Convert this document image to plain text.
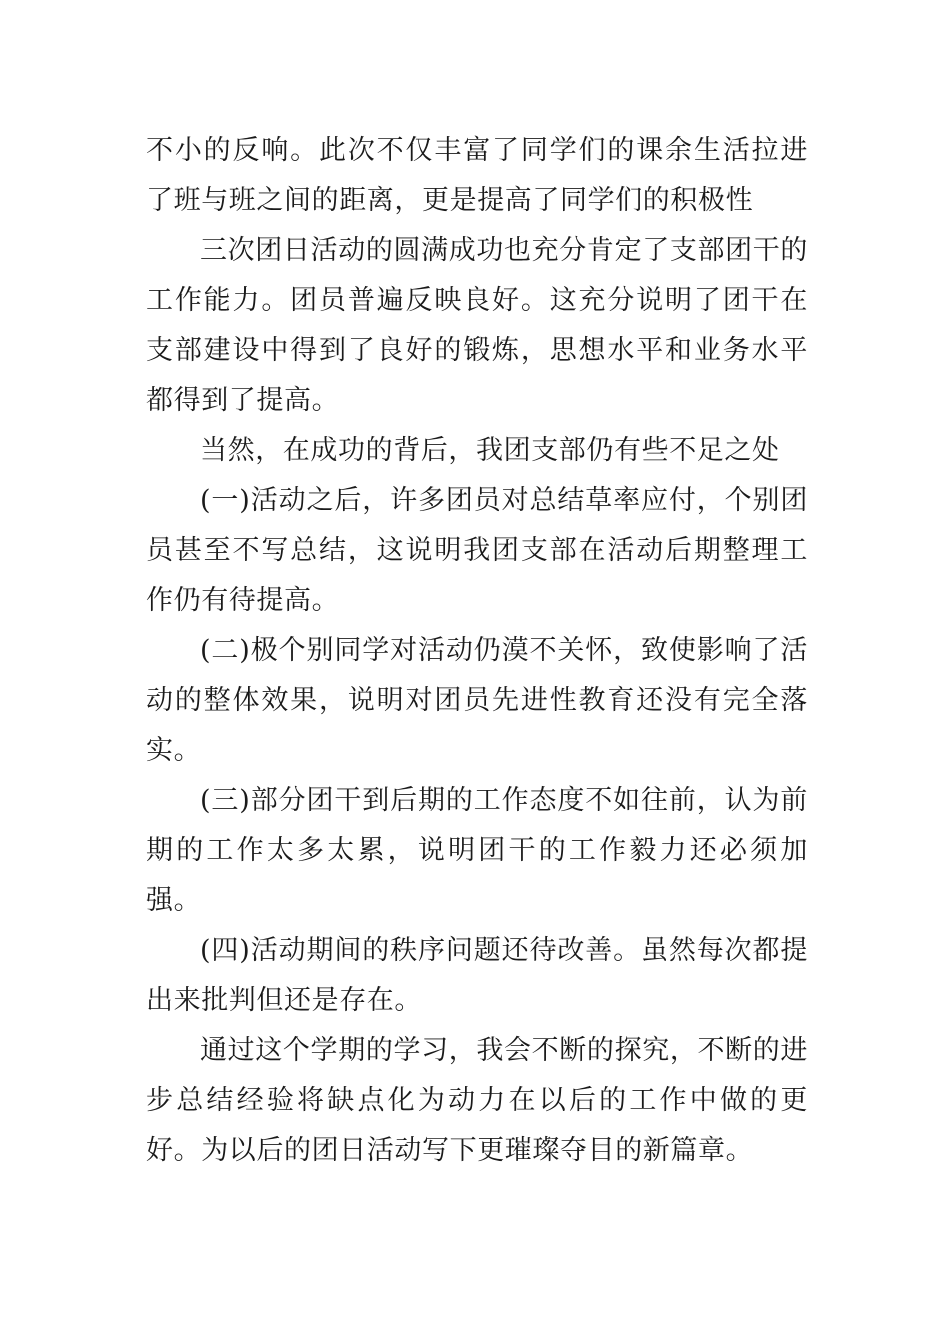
不小的反响。此次不仅丰富了同学们的课余生活拉进了班与班之间的距离，更是提高了同学们的积极性

三次团日活动的圆满成功也充分肯定了支部团干的工作能力。团员普遍反映良好。这充分说明了团干在支部建设中得到了良好的锻炼，思想水平和业务水平都得到了提高。

当然，在成功的背后，我团支部仍有些不足之处

(一)活动之后，许多团员对总结草率应付，个别团员甚至不写总结，这说明我团支部在活动后期整理工作仍有待提高。

(二)极个别同学对活动仍漠不关怀，致使影响了活动的整体效果，说明对团员先进性教育还没有完全落实。

(三)部分团干到后期的工作态度不如往前，认为前期的工作太多太累，说明团干的工作毅力还必须加强。

(四)活动期间的秩序问题还待改善。虽然每次都提出来批判但还是存在。

通过这个学期的学习，我会不断的探究，不断的进步总结经验将缺点化为动力在以后的工作中做的更好。为以后的团日活动写下更璀璨夺目的新篇章。
